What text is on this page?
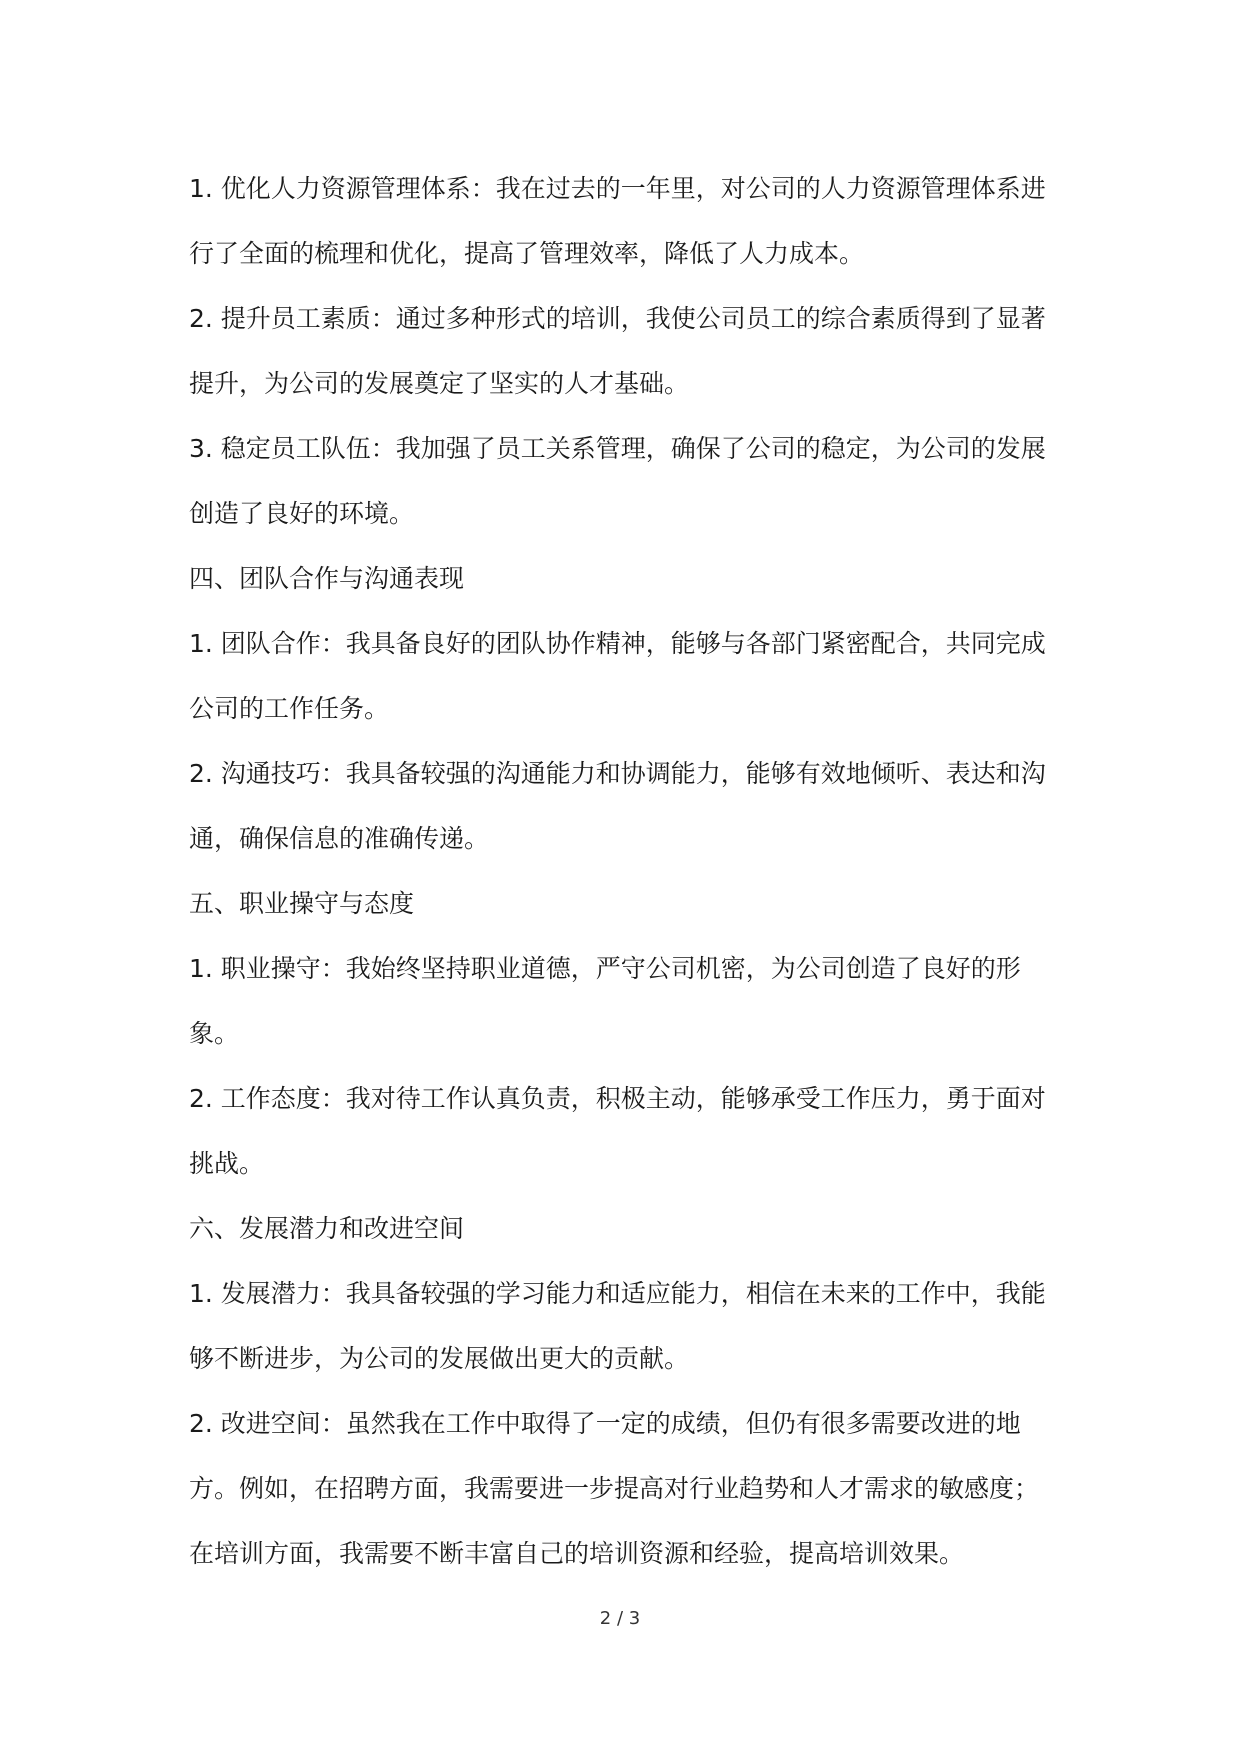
1. 优化人力资源管理体系：我在过去的一年里，对公司的人力资源管理体系进行了全面的梳理和优化，提高了管理效率，降低了人力成本。

2. 提升员工素质：通过多种形式的培训，我使公司员工的综合素质得到了显著提升，为公司的发展奠定了坚实的人才基础。

3. 稳定员工队伍：我加强了员工关系管理，确保了公司的稳定，为公司的发展创造了良好的环境。

四、团队合作与沟通表现

1. 团队合作：我具备良好的团队协作精神，能够与各部门紧密配合，共同完成公司的工作任务。

2. 沟通技巧：我具备较强的沟通能力和协调能力，能够有效地倾听、表达和沟通，确保信息的准确传递。

五、职业操守与态度

1. 职业操守：我始终坚持职业道德，严守公司机密，为公司创造了良好的形象。

2. 工作态度：我对待工作认真负责，积极主动，能够承受工作压力，勇于面对挑战。

六、发展潜力和改进空间

1. 发展潜力：我具备较强的学习能力和适应能力，相信在未来的工作中，我能够不断进步，为公司的发展做出更大的贡献。

2. 改进空间：虽然我在工作中取得了一定的成绩，但仍有很多需要改进的地方。例如，在招聘方面，我需要进一步提高对行业趋势和人才需求的敏感度；在培训方面，我需要不断丰富自己的培训资源和经验，提高培训效果。

2 / 3
